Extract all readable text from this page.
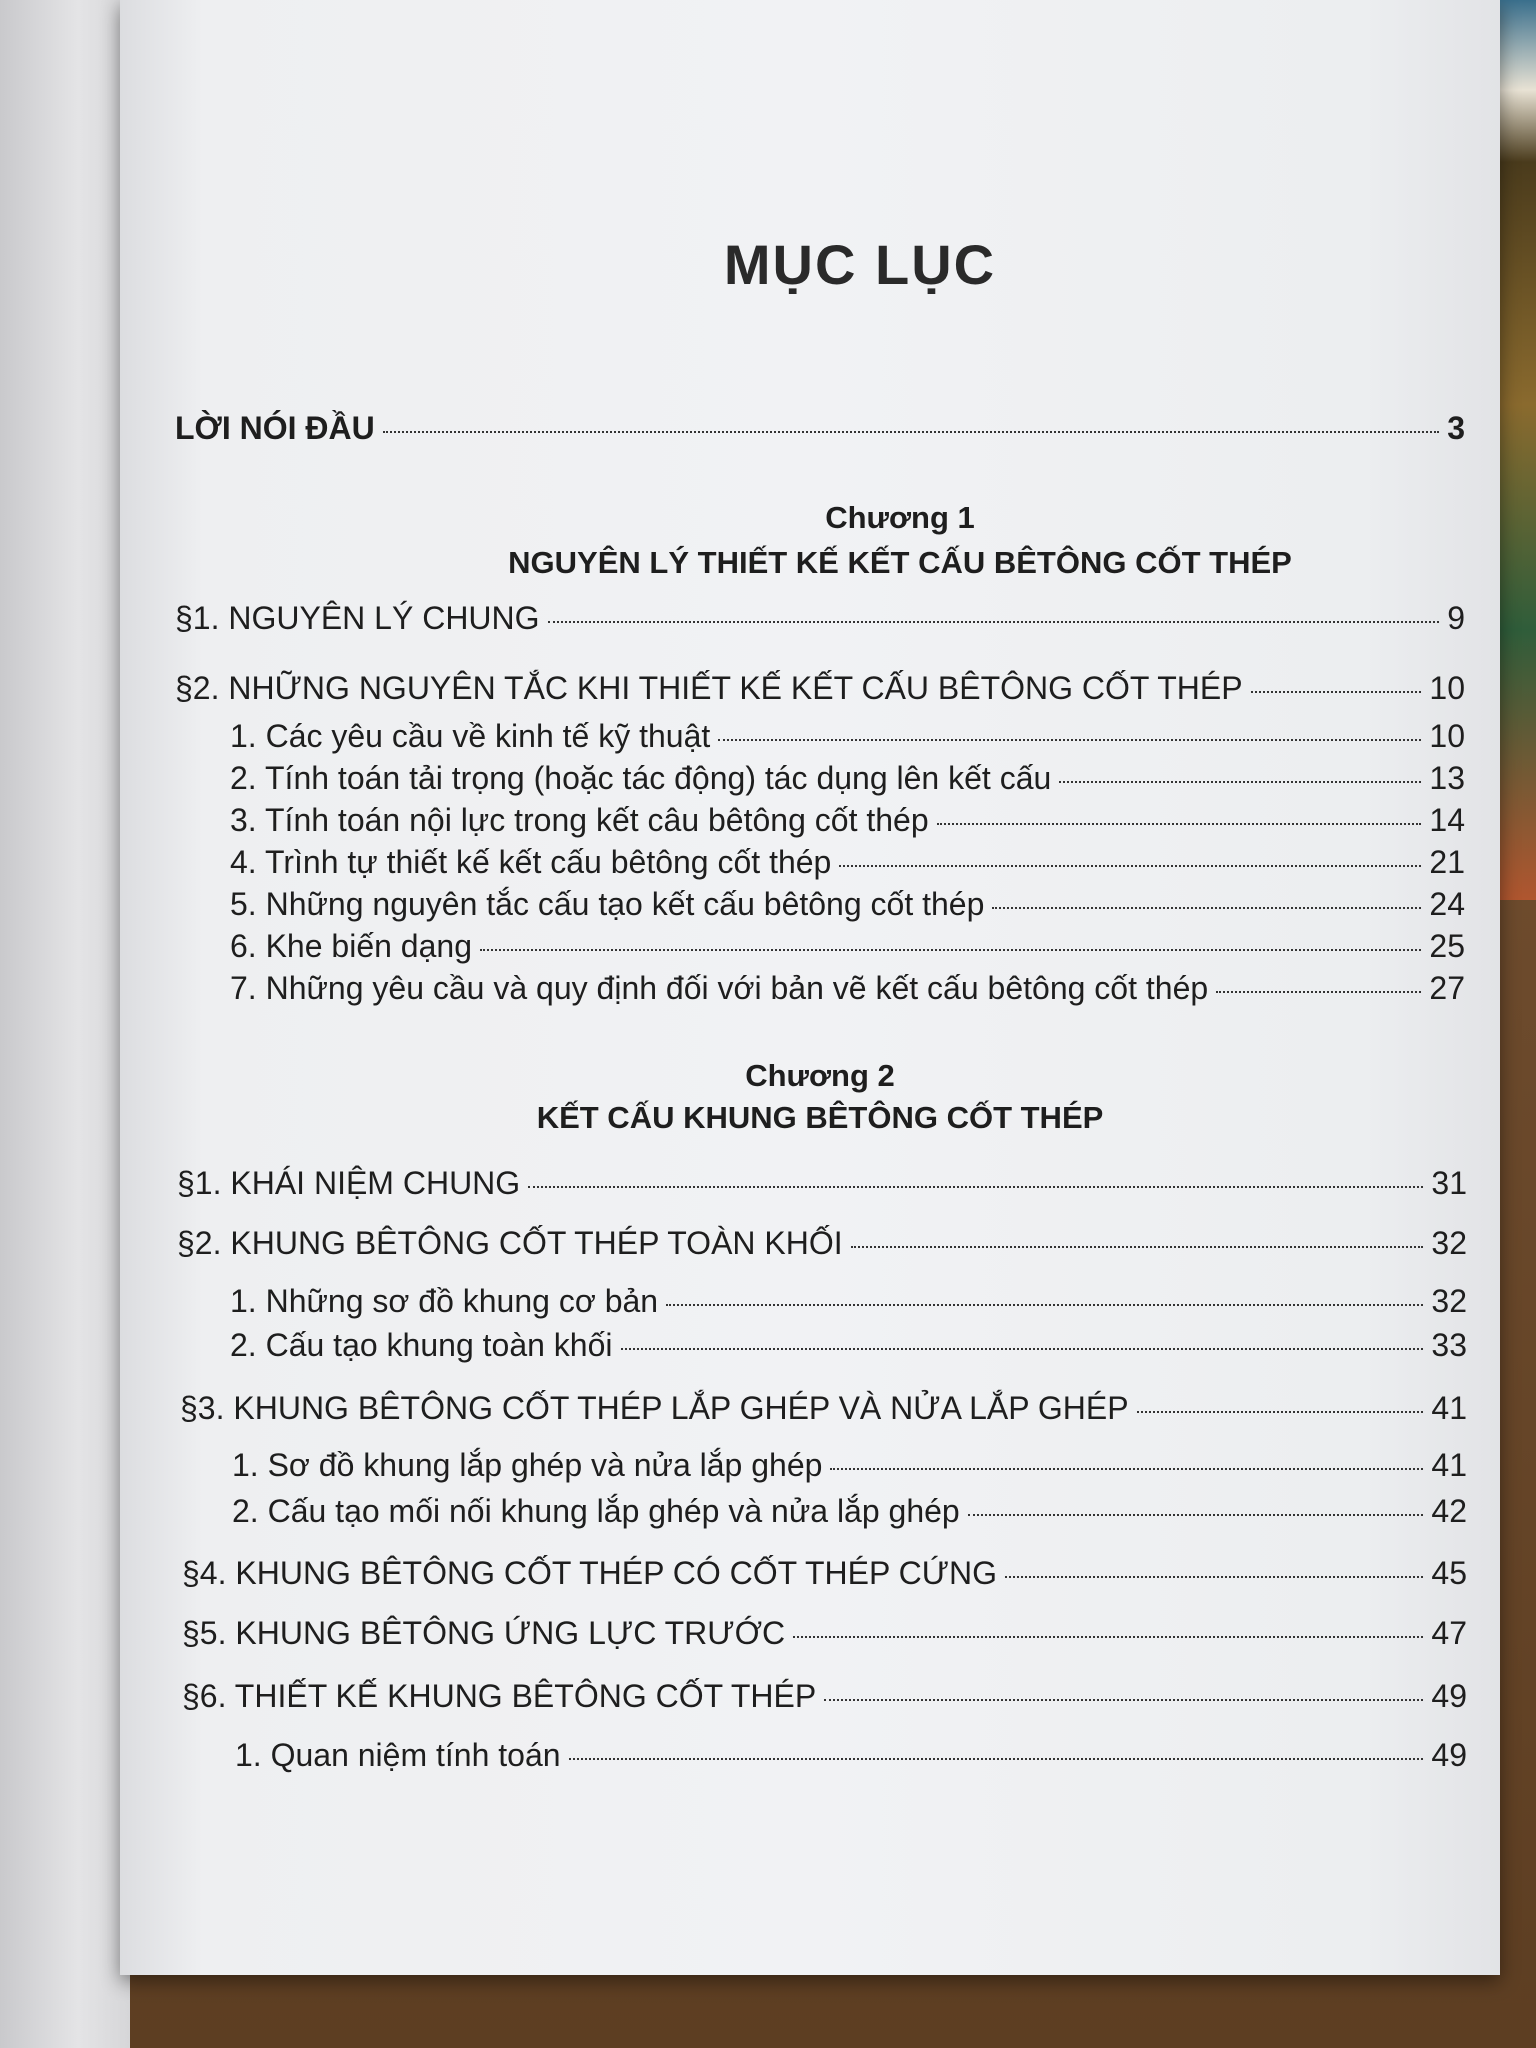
MỤC LỤC
LỜI NÓI ĐẦU	3
Chương 1
NGUYÊN LÝ THIẾT KẾ KẾT CẤU BÊTÔNG CỐT THÉP
§1. NGUYÊN LÝ CHUNG	9
§2. NHỮNG NGUYÊN TẮC KHI THIẾT KẾ KẾT CẤU BÊTÔNG CỐT THÉP	10
1. Các yêu cầu về kinh tế kỹ thuật	10
2. Tính toán tải trọng (hoặc tác động) tác dụng lên kết cấu	13
3. Tính toán nội lực trong kết câu bêtông cốt thép	14
4. Trình tự thiết kế kết cấu bêtông cốt thép	21
5. Những nguyên tắc cấu tạo kết cấu bêtông cốt thép	24
6. Khe biến dạng	25
7. Những yêu cầu và quy định đối với bản vẽ kết cấu bêtông cốt thép	27
Chương 2
KẾT CẤU KHUNG BÊTÔNG CỐT THÉP
§1. KHÁI NIỆM CHUNG	31
§2. KHUNG BÊTÔNG CỐT THÉP TOÀN KHỐI	32
1. Những sơ đồ khung cơ bản	32
2. Cấu tạo khung toàn khối	33
§3. KHUNG BÊTÔNG CỐT THÉP LẮP GHÉP VÀ NỬA LẮP GHÉP	41
1. Sơ đồ khung lắp ghép và nửa lắp ghép	41
2. Cấu tạo mối nối khung lắp ghép và nửa lắp ghép	42
§4. KHUNG BÊTÔNG CỐT THÉP CÓ CỐT THÉP CỨNG	45
§5. KHUNG BÊTÔNG ỨNG LỰC TRƯỚC	47
§6. THIẾT KẾ KHUNG BÊTÔNG CỐT THÉP	49
1. Quan niệm tính toán	49
